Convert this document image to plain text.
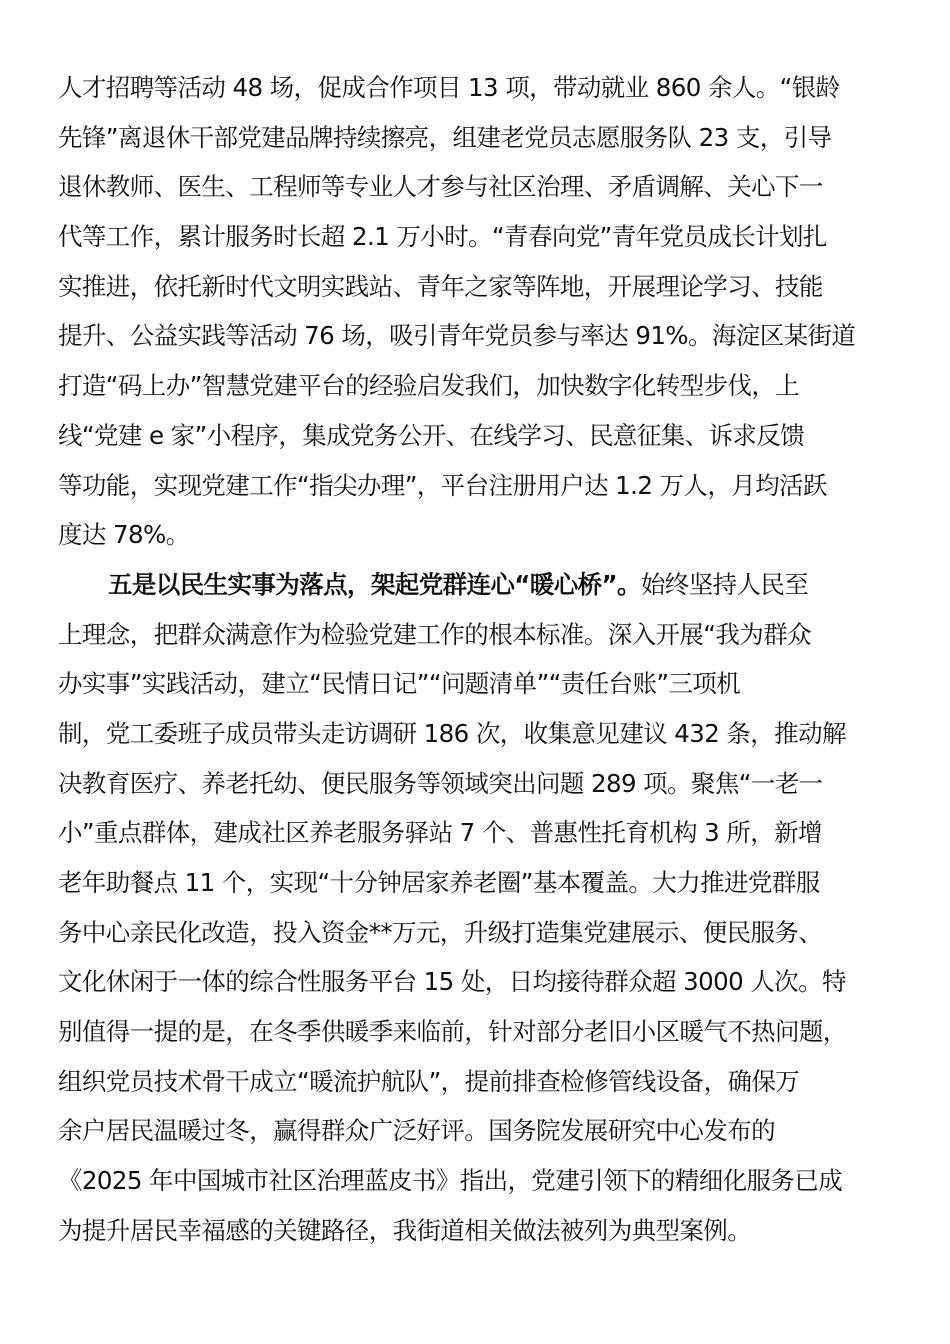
人才招聘等活动 48 场，促成合作项目 13 项，带动就业 860 余人。“银龄
先锋”离退休干部党建品牌持续擦亮，组建老党员志愿服务队 23 支，引导
退休教师、医生、工程师等专业人才参与社区治理、矛盾调解、关心下一
代等工作，累计服务时长超 2.1 万小时。“青春向党”青年党员成长计划扎
实推进，依托新时代文明实践站、青年之家等阵地，开展理论学习、技能
提升、公益实践等活动 76 场，吸引青年党员参与率达 91%。海淀区某街道
打造“码上办”智慧党建平台的经验启发我们，加快数字化转型步伐，上
线“党建 e 家”小程序，集成党务公开、在线学习、民意征集、诉求反馈
等功能，实现党建工作“指尖办理”，平台注册用户达 1.2 万人，月均活跃
度达 78%。
五是以民生实事为落点，架起党群连心“暖心桥”。始终坚持人民至
上理念，把群众满意作为检验党建工作的根本标准。深入开展“我为群众
办实事”实践活动，建立“民情日记”“问题清单”“责任台账”三项机
制，党工委班子成员带头走访调研 186 次，收集意见建议 432 条，推动解
决教育医疗、养老托幼、便民服务等领域突出问题 289 项。聚焦“一老一
小”重点群体，建成社区养老服务驿站 7 个、普惠性托育机构 3 所，新增
老年助餐点 11 个，实现“十分钟居家养老圈”基本覆盖。大力推进党群服
务中心亲民化改造，投入资金**万元，升级打造集党建展示、便民服务、
文化休闲于一体的综合性服务平台 15 处，日均接待群众超 3000 人次。特
别值得一提的是，在冬季供暖季来临前，针对部分老旧小区暖气不热问题，
组织党员技术骨干成立“暖流护航队”，提前排查检修管线设备，确保万
余户居民温暖过冬，赢得群众广泛好评。国务院发展研究中心发布的
《2025 年中国城市社区治理蓝皮书》指出，党建引领下的精细化服务已成
为提升居民幸福感的关键路径，我街道相关做法被列为典型案例。
